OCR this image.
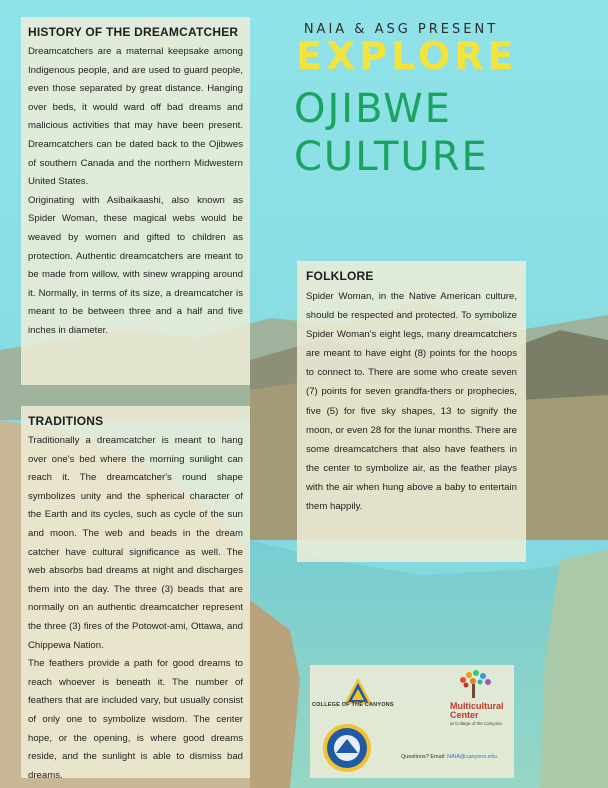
NAIA & ASG PRESENT
EXPLORE
OJIBWE
CULTURE
HISTORY OF THE DREAMCATCHER

Dreamcatchers are a maternal keepsake among Indigenous people, and are used to guard people, even those separated by great distance. Hanging over beds, it would ward off bad dreams and malicious activities that may have been present. Dreamcatchers can be dated back to the Ojibwes of southern Canada and the northern Midwestern United States.

Originating with Asibaikaashi, also known as Spider Woman, these magical webs would be weaved by women and gifted to children as protection. Authentic dreamcatchers are meant to be made from willow, with sinew wrapping around it. Normally, in terms of its size, a dreamcatcher is meant to be between three and a half and five inches in diameter.

TRADITIONS

Traditionally a dreamcatcher is meant to hang over one's bed where the morning sunlight can reach it. The dreamcatcher's round shape symbolizes unity and the spherical character of the Earth and its cycles, such as cycle of the sun and moon. The web and beads in the dream catcher have cultural significance as well. The web absorbs bad dreams at night and discharges them into the day. The three (3) beads that are normally on an authentic dreamcatcher represent the three (3) fires of the Potowot-ami, Ottawa, and Chippewa Nation.

The feathers provide a path for good dreams to reach whoever is beneath it. The number of feathers that are included vary, but usually consist of only one to symbolize wisdom. The center hope, or the opening, is where good dreams reside, and the sunlight is able to dismiss bad dreams.

FOLKLORE

Spider Woman, in the Native American culture, should be respected and protected. To symbolize Spider Woman's eight legs, many dreamcatchers are meant to have eight (8) points for the hoops to connect to. There are some who create seven (7) points for seven grandfa-thers or prophecies, five (5) for five sky shapes, 13 to signify the moon, or even 28 for the lunar months. There are some dreamcatchers that also have feathers in the center to symbolize air, as the feather plays with the air when hung above a baby to entertain them happily.

COLLEGE OF THE CANYONS	Multicultural Center
at College of the Canyons
Questions? Email: NAIA@canyons.edu
